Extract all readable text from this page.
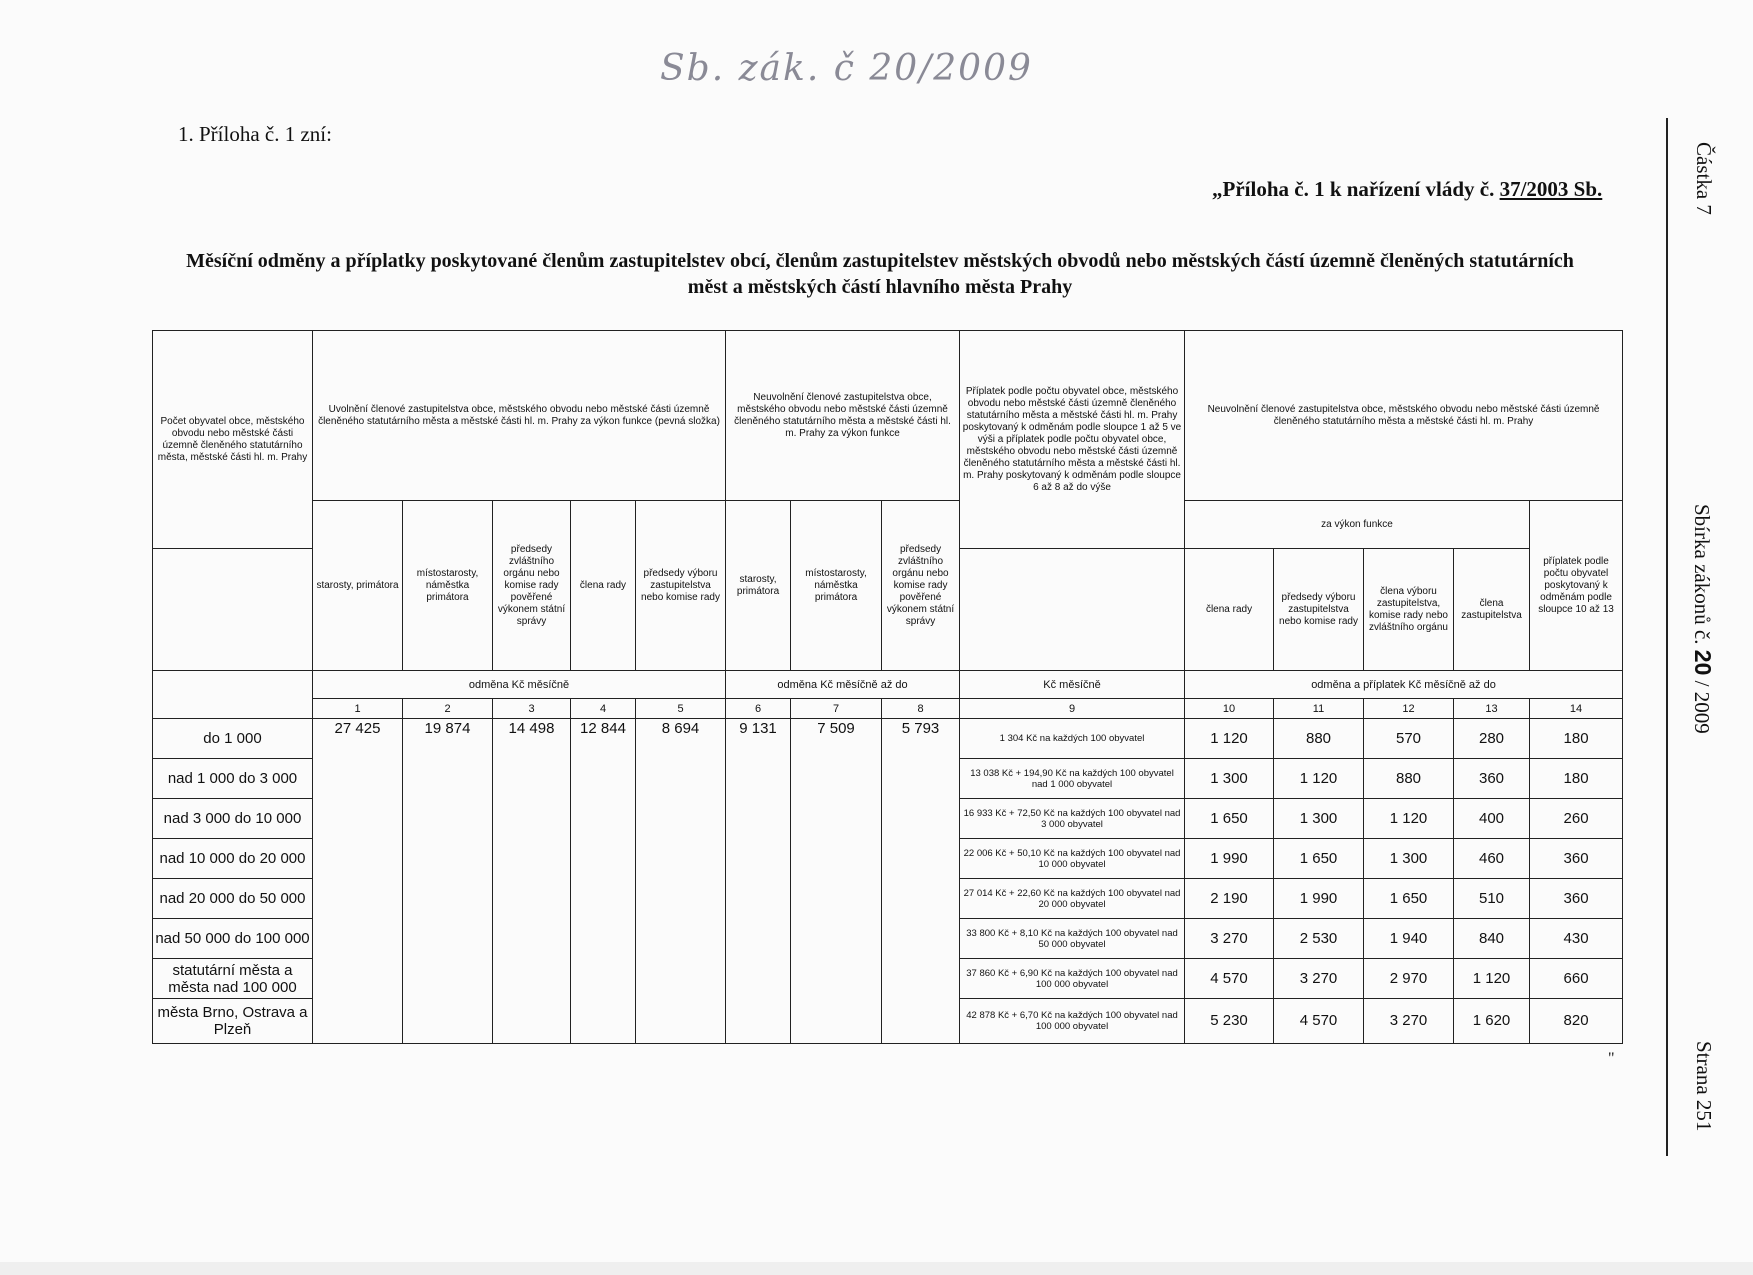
Sb. zák. č 20/2009
1. Příloha č. 1 zní:
„Příloha č. 1 k nařízení vlády č. 37/2003 Sb.
Měsíční odměny a příplatky poskytované členům zastupitelstev obcí, členům zastupitelstev městských obvodů nebo městských částí územně členěných statutárních měst a městských částí hlavního města Prahy
Částka 7
Sbírka zákonů č. 20 / 2009
Strana 251
"
Počet obyvatel obce, městského obvodu nebo městské části územně členěného statutárního města, městské části hl. m. Prahy	Uvolnění členové zastupitelstva obce, městského obvodu nebo městské části územně členěného statutárního města a městské části hl. m. Prahy za výkon funkce (pevná složka)					Neuvolnění členové zastupitelstva obce, městského obvodu nebo městské části územně členěného statutárního města a městské části hl. m. Prahy za výkon funkce			Příplatek podle počtu obyvatel obce, městského obvodu nebo městské části územně členěného statutárního města a městské části hl. m. Prahy poskytovaný k odměnám podle sloupce 1 až 5 ve výši a příplatek podle počtu obyvatel obce, městského obvodu nebo městské části územně členěného statutárního města a městské části hl. m. Prahy poskytovaný k odměnám podle sloupce 6 až 8 až do výše	Neuvolnění členové zastupitelstva obce, městského obvodu nebo městské části územně členěného statutárního města a městské části hl. m. Prahy				
	starosty, primátora	místostarosty, náměstka primátora	předsedy zvláštního orgánu nebo komise rady pověřené výkonem státní správy	člena rady	předsedy výboru zastupitelstva nebo komise rady	starosty, primátora	místostarosty, náměstka primátora	předsedy zvláštního orgánu nebo komise rady pověřené výkonem státní správy		za výkon funkce				příplatek podle počtu obyvatel poskytovaný k odměnám podle sloupce 10 až 13
										člena rady	předsedy výboru zastupitelstva nebo komise rady	člena výboru zastupitelstva, komise rady nebo zvláštního orgánu	člena zastupitelstva	
	odměna Kč měsíčně					odměna Kč měsíčně až do			Kč měsíčně	odměna a příplatek Kč měsíčně až do				
	1	2	3	4	5	6	7	8	9	10	11	12	13	14
do 1 000	27 425	19 874	14 498	12 844	8 694	9 131	7 509	5 793	1 304 Kč na každých 100 obyvatel	1 120	880	570	280	180
nad 1 000 do 3 000									13 038 Kč + 194,90 Kč na každých 100 obyvatel nad 1 000 obyvatel	1 300	1 120	880	360	180
nad 3 000 do 10 000									16 933 Kč + 72,50 Kč na každých 100 obyvatel nad 3 000 obyvatel	1 650	1 300	1 120	400	260
nad 10 000 do 20 000									22 006 Kč + 50,10 Kč na každých 100 obyvatel nad 10 000 obyvatel	1 990	1 650	1 300	460	360
nad 20 000 do 50 000									27 014 Kč + 22,60 Kč na každých 100 obyvatel nad 20 000 obyvatel	2 190	1 990	1 650	510	360
nad 50 000 do 100 000									33 800 Kč + 8,10 Kč na každých 100 obyvatel nad 50 000 obyvatel	3 270	2 530	1 940	840	430
statutární města a města nad 100 000									37 860 Kč + 6,90 Kč na každých 100 obyvatel nad 100 000 obyvatel	4 570	3 270	2 970	1 120	660
města Brno, Ostrava a Plzeň									42 878 Kč + 6,70 Kč na každých 100 obyvatel nad 100 000 obyvatel	5 230	4 570	3 270	1 620	820
